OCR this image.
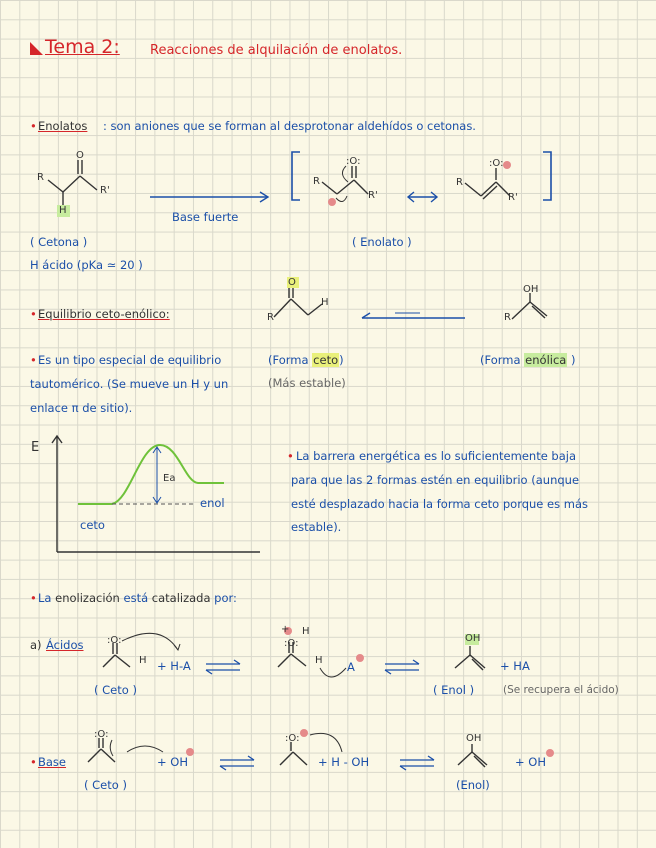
Tema 2: Reacciones de alquilación de enolatos.
• Enolatos : son aniones que se forman al desprotonar aldehídos o cetonas.
R
O
R'
H	Base fuerte
R
:O:
R'
R
:O:
R'
( Cetona )	( Enolato )
H ácido (pKa ≃ 20 )
• Equilibrio ceto-enólico:	R
O
H
R
OH
• Es un tipo especial de equilibrio
tautomérico. (Se mueve un H y un
enlace π de sitio).
(Forma ceto)
(Más estable)
(Forma enólica )
E
Ea
enol
ceto
• La barrera energética es lo suficientemente baja
para que las 2 formas estén en equilibrio (aunque
esté desplazado hacia la forma ceto porque es más
estable).
• La enolización está catalizada por:
a) Ácidos :O:
H + H-A
+ H
:O:
H A
OH
+ HA
( Ceto )	( Enol )	(Se recupera el ácido)
• Base
:O:
+ OH
:O:
+ H - OH
OH
+ OH
( Ceto )	(Enol)
